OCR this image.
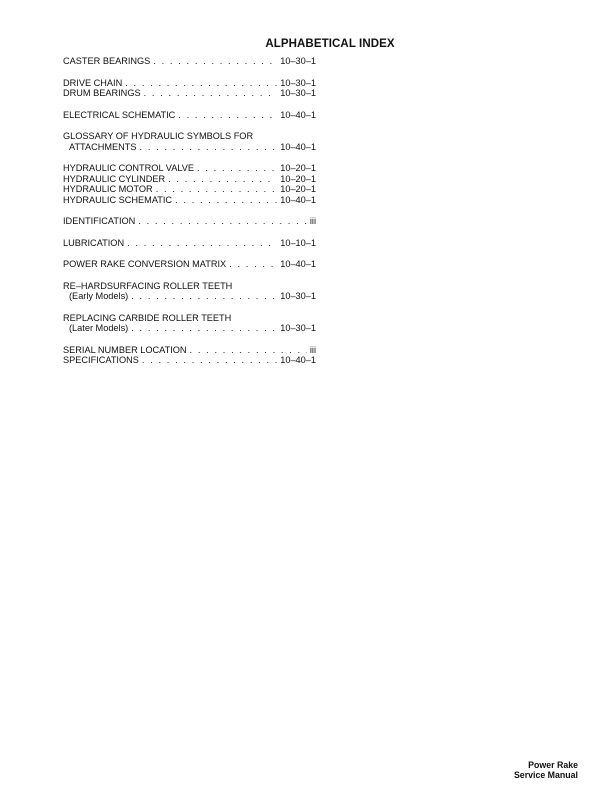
ALPHABETICAL INDEX
CASTER BEARINGS . . .	10–30–1
DRIVE CHAIN . . .	10–30–1
DRUM BEARINGS . . .	10–30–1
ELECTRICAL SCHEMATIC . . .	10–40–1
GLOSSARY OF HYDRAULIC SYMBOLS FOR
ATTACHMENTS . . .	10–40–1
HYDRAULIC CONTROL VALVE . . .	10–20–1
HYDRAULIC CYLINDER . . .	10–20–1
HYDRAULIC MOTOR . . .	10–20–1
HYDRAULIC SCHEMATIC . . .	10–40–1
IDENTIFICATION . . .	iii
LUBRICATION . . .	10–10–1
POWER RAKE CONVERSION MATRIX . . .	10–40–1
RE–HARDSURFACING ROLLER TEETH
(Early Models) . . .	10–30–1
REPLACING CARBIDE ROLLER TEETH
(Later Models) . . .	10–30–1
SERIAL NUMBER LOCATION . . .	iii
SPECIFICATIONS . . .	10–40–1
Power Rake
Service Manual
